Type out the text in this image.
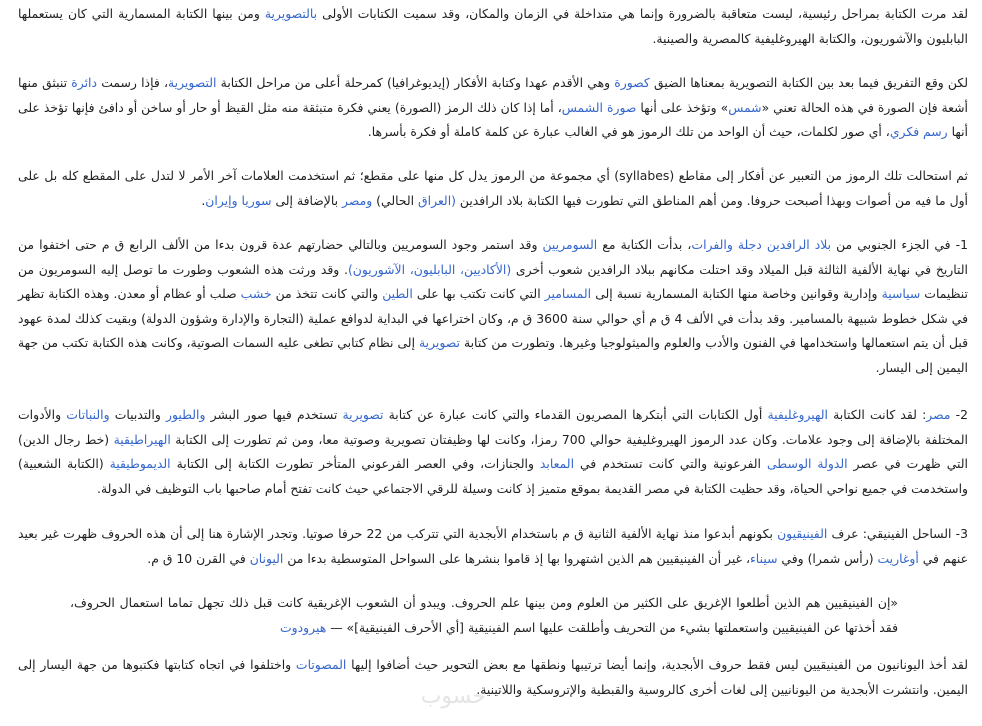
لقد مرت الكتابة بمراحل رئيسية، ليست متعاقبة بالضرورة وإنما هي متداخلة في الزمان والمكان، وقد سميت الكتابات الأولى بالتصويرية ومن بينها الكتابة المسمارية التي كان يستعملها البابليون والآشوريون، والكتابة الهيروغليفية كالمصرية والصينية.

لكن وقع التفريق فيما بعد بين الكتابة التصويرية بمعناها الضيق كصورة وهي الأقدم عهدا وكتابة الأفكار (إيديوغرافيا) كمرحلة أعلى من مراحل الكتابة التصويرية، فإذا رسمت دائرة تنبثق منها أشعة فإن الصورة في هذه الحالة تعني «شمس» وتؤخذ على أنها صورة الشمس، أما إذا كان ذلك الرمز (الصورة) يعني فكرة متبثقة منه مثل القيظ أو حار أو ساخن أو دافئ فإنها تؤخذ على أنها رسم فكري، أي صور لكلمات، حيث أن الواحد من تلك الرموز هو في الغالب عبارة عن كلمة كاملة أو فكرة بأسرها.

ثم استحالت تلك الرموز من التعبير عن أفكار إلى مقاطع (syllabes) أي مجموعة من الرموز يدل كل منها على مقطع؛ ثم استخدمت العلامات آخر الأمر لا لتدل على المقطع كله بل على أول ما فيه من أصوات وبهذا أصبحت حروفا. ومن أهم المناطق التي تطورت فيها الكتابة بلاد الرافدين (العراق الحالي) ومصر بالإضافة إلى سوريا وإيران.

1- في الجزء الجنوبي من بلاد الرافدين دجلة والفرات، بدأت الكتابة مع السومريين وقد استمر وجود السومريين وبالتالي حضارتهم عدة قرون بدءا من الألف الرابع ق م حتى اختفوا من التاريخ في نهاية الألفية الثالثة قبل الميلاد وقد احتلت مكانهم ببلاد الرافدين شعوب أخرى (الأكاديين، البابليون، الآشوريون). وقد ورثت هذه الشعوب وطورت ما توصل إليه السومريون من تنظيمات سياسية وإدارية وقوانين وخاصة منها الكتابة المسمارية نسبة إلى المسامير التي كانت تكتب بها على الطين والتي كانت تتخذ من خشب صلب أو عظام أو معدن. وهذه الكتابة تظهر في شكل خطوط شبيهة بالمسامير. وقد بدأت في الألف 4 ق م أي حوالي سنة 3600 ق م، وكان اختراعها في البداية لدوافع عملية (التجارة والإدارة وشؤون الدولة) وبقيت كذلك لمدة عهود قبل أن يتم استعمالها واستخدامها في الفنون والأدب والعلوم والميثولوجيا وغيرها. وتطورت من كتابة تصويرية إلى نظام كتابي تطغى عليه السمات الصوتية، وكانت هذه الكتابة تكتب من جهة اليمين إلى اليسار.

2- مصر: لقد كانت الكتابة الهيروغليفية أول الكتابات التي أبتكرها المصريون القدماء والتي كانت عبارة عن كتابة تصويرية تستخدم فيها صور البشر والطيور والتدبيات والنباتات والأدوات المختلفة بالإضافة إلى وجود علامات. وكان عدد الرموز الهيروغليفية حوالي 700 رمزا، وكانت لها وظيفتان تصويرية وصوتية معا، ومن ثم تطورت إلى الكتابة الهيراطيقية (خط رجال الدين) التي ظهرت في عصر الدولة الوسطى الفرعونية والتي كانت تستخدم في المعابد والجنازات، وفي العصر الفرعوني المتأخر تطورت الكتابة إلى الكتابة الديموطيقية (الكتابة الشعبية) واستخدمت في جميع نواحي الحياة، وقد حظيت الكتابة في مصر القديمة بموقع متميز إذ كانت وسيلة للرقي الاجتماعي حيث كانت تفتح أمام صاحبها باب التوظيف في الدولة.

3- الساحل الفينيقي: عرف الفينيقيون بكونهم أبدعوا منذ نهاية الألفية الثانية ق م باستخدام الأبجدية التي تتركب من 22 حرفا صوتيا. وتجدر الإشارة هنا إلى أن هذه الحروف ظهرت غير بعيد عنهم في أوغاريت (رأس شمرا) وفي سيناء، غير أن الفينيقيين هم الذين اشتهروا بها إذ قاموا بنشرها على السواحل المتوسطية بدءا من اليونان في القرن 10 ق م.

«إن الفينيقيين هم الذين أطلعوا الإغريق على الكثير من العلوم ومن بينها علم الحروف. ويبدو أن الشعوب الإغريقية كانت قبل ذلك تجهل تماما استعمال الحروف، فقد أخذتها عن الفينيقيين واستعملتها بشيء من التحريف وأطلقت عليها اسم الفينيقية [أي الأحرف الفينيقية]» — هيرودوت

لقد أخذ اليونانيون من الفينيقيين ليس فقط حروف الأبجدية، وإنما أيضا ترتيبها ونطقها مع بعض التحوير حيث أضافوا إليها المصوتات واختلفوا في اتجاه كتابتها فكتبوها من جهة اليسار إلى اليمين. وانتشرت الأبجدية من اليونانيين إلى لغات أخرى كالروسية والقبطية والإتروسكية واللاتينية.

حسوب
